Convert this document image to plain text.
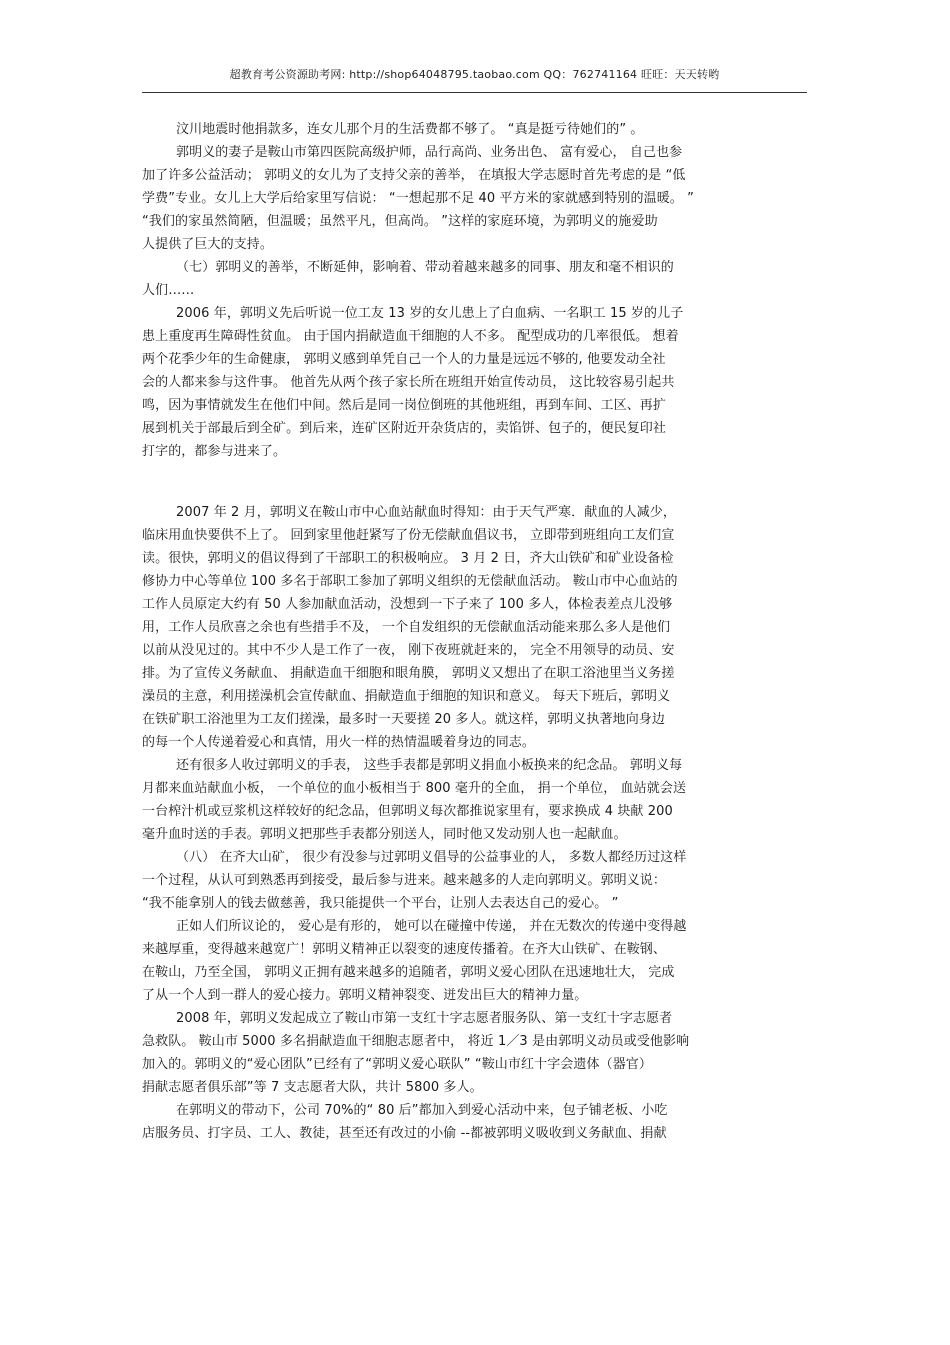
超教育考公资源助考网: http://shop64048795.taobao.com QQ：762741164 旺旺：天天转哟
汶川地震时他捐款多，连女儿那个月的生活费都不够了。 “真是挺亏待她们的” 。
郭明义的妻子是鞍山市第四医院高级护师，品行高尚、业务出色、 富有爱心， 自己也参
加了许多公益活动； 郭明义的女儿为了支持父亲的善举， 在填报大学志愿时首先考虑的是 “低
学费”专业。女儿上大学后给家里写信说： “一想起那不足 40 平方米的家就感到特别的温暖。 ”
“我们的家虽然简陋，但温暖；虽然平凡，但高尚。 ”这样的家庭环境，为郭明义的施爱助
人提供了巨大的支持。
（七）郭明义的善举，不断延伸，影响着、带动着越来越多的同事、朋友和毫不相识的
人们……
2006 年，郭明义先后听说一位工友 13 岁的女儿患上了白血病、一名职工 15 岁的儿子
患上重度再生障碍性贫血。 由于国内捐献造血干细胞的人不多。 配型成功的几率很低。 想着
两个花季少年的生命健康， 郭明义感到单凭自己一个人的力量是远远不够的, 他要发动全社
会的人都来参与这件事。 他首先从两个孩子家长所在班组开始宣传动员， 这比较容易引起共
鸣，因为事情就发生在他们中间。然后是同一岗位倒班的其他班组，再到车间、工区、再扩
展到机关于部最后到全矿。到后来，连矿区附近开杂货店的，卖馅饼、包子的，便民复印社
打字的，都参与进来了。
2007 年 2 月，郭明义在鞍山市中心血站献血时得知：由于天气严寒．献血的人减少，
临床用血快要供不上了。 回到家里他赶紧写了份无偿献血倡议书， 立即带到班组向工友们宣
读。很快，郭明义的倡议得到了干部职工的积极响应。 3 月 2 日，齐大山铁矿和矿业设备检
修协力中心等单位 100 多名于部职工参加了郭明义组织的无偿献血活动。 鞍山市中心血站的
工作人员原定大约有 50 人参加献血活动，没想到一下子来了 100 多人，体检表差点儿没够
用，工作人员欣喜之余也有些措手不及， 一个自发组织的无偿献血活动能来那么多人是他们
以前从没见过的。其中不少人是工作了一夜， 刚下夜班就赶来的， 完全不用领导的动员、安
排。为了宣传义务献血、 捐献造血干细胞和眼角膜， 郭明义又想出了在职工浴池里当义务搓
澡员的主意，利用搓澡机会宣传献血、捐献造血于细胞的知识和意义。 每天下班后，郭明义
在铁矿职工浴池里为工友们搓澡，最多时一天要搓 20 多人。就这样，郭明义执著地向身边
的每一个人传递着爱心和真情，用火一样的热情温暖着身边的同志。
还有很多人收过郭明义的手表， 这些手表都是郭明义捐血小板换来的纪念品。 郭明义每
月都来血站献血小板， 一个单位的血小板相当于 800 毫升的全血， 捐一个单位， 血站就会送
一台榨汁机或豆浆机这样较好的纪念品，但郭明义每次都推说家里有，要求换成 4 块献 200
毫升血时送的手表。郭明义把那些手表都分别送人，同时他又发动别人也一起献血。
（八） 在齐大山矿， 很少有没参与过郭明义倡导的公益事业的人， 多数人都经历过这样
一个过程，从认可到熟悉再到接受，最后参与进来。越来越多的人走向郭明义。郭明义说：
“我不能拿别人的钱去做慈善，我只能提供一个平台，让别人去表达自己的爱心。 ”
正如人们所议论的， 爱心是有形的， 她可以在碰撞中传递， 并在无数次的传递中变得越
来越厚重，变得越来越宽广！郭明义精神正以裂变的速度传播着。在齐大山铁矿、在鞍钢、
在鞍山，乃至全国， 郭明义正拥有越来越多的追随者，郭明义爱心团队在迅速地壮大， 完成
了从一个人到一群人的爱心接力。郭明义精神裂变、迸发出巨大的精神力量。
2008 年，郭明义发起成立了鞍山市第一支红十字志愿者服务队、第一支红十字志愿者
急救队。 鞍山市 5000 多名捐献造血干细胞志愿者中， 将近 1／3 是由郭明义动员或受他影响
加入的。郭明义的“爱心团队”已经有了“郭明义爱心联队” “鞍山市红十字会遗体（器官）
捐献志愿者俱乐部”等 7 支志愿者大队，共计 5800 多人。
在郭明义的带动下，公司 70%的“ 80 后”都加入到爱心活动中来，包子铺老板、小吃
店服务员、打字员、工人、教徒，甚至还有改过的小偷 --都被郭明义吸收到义务献血、捐献
